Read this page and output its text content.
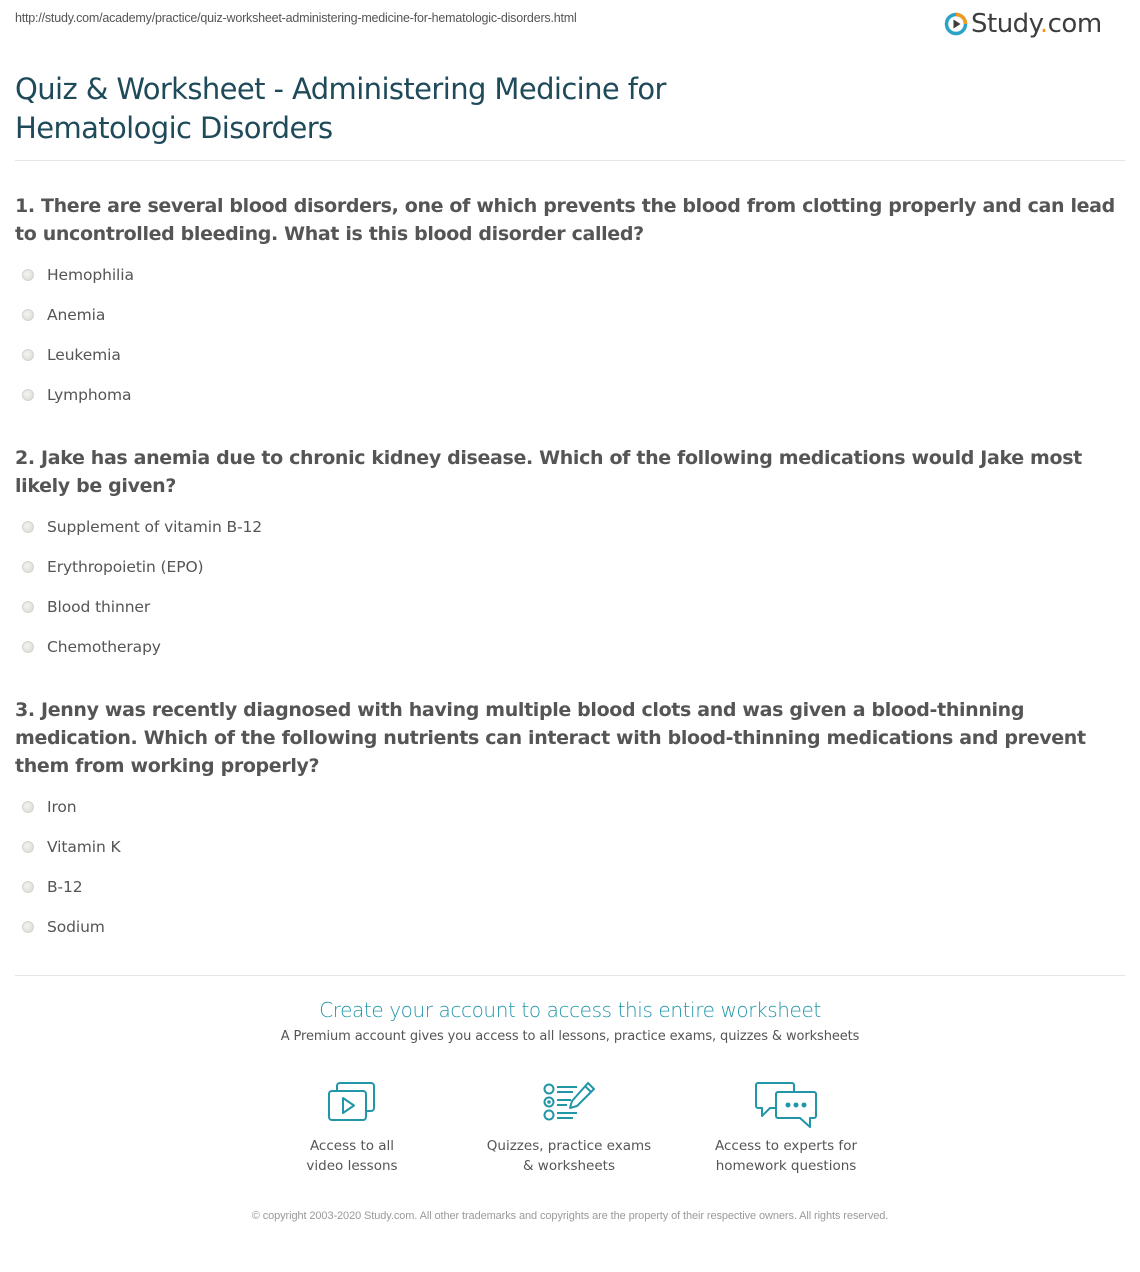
http://study.com/academy/practice/quiz-worksheet-administering-medicine-for-hematologic-disorders.html	Study.com
Quiz & Worksheet - Administering Medicine for
Hematologic Disorders
1. There are several blood disorders, one of which prevents the blood from clotting properly and can lead to uncontrolled bleeding. What is this blood disorder called?
Hemophilia
Anemia
Leukemia
Lymphoma
2. Jake has anemia due to chronic kidney disease. Which of the following medications would Jake most likely be given?
Supplement of vitamin B-12
Erythropoietin (EPO)
Blood thinner
Chemotherapy
3. Jenny was recently diagnosed with having multiple blood clots and was given a blood-thinning medication. Which of the following nutrients can interact with blood-thinning medications and prevent them from working properly?
Iron
Vitamin K
B-12
Sodium
Create your account to access this entire worksheet
A Premium account gives you access to all lessons, practice exams, quizzes & worksheets
Access to all
video lessons
Quizzes, practice exams
& worksheets
Access to experts for
homework questions
© copyright 2003-2020 Study.com. All other trademarks and copyrights are the property of their respective owners. All rights reserved.
